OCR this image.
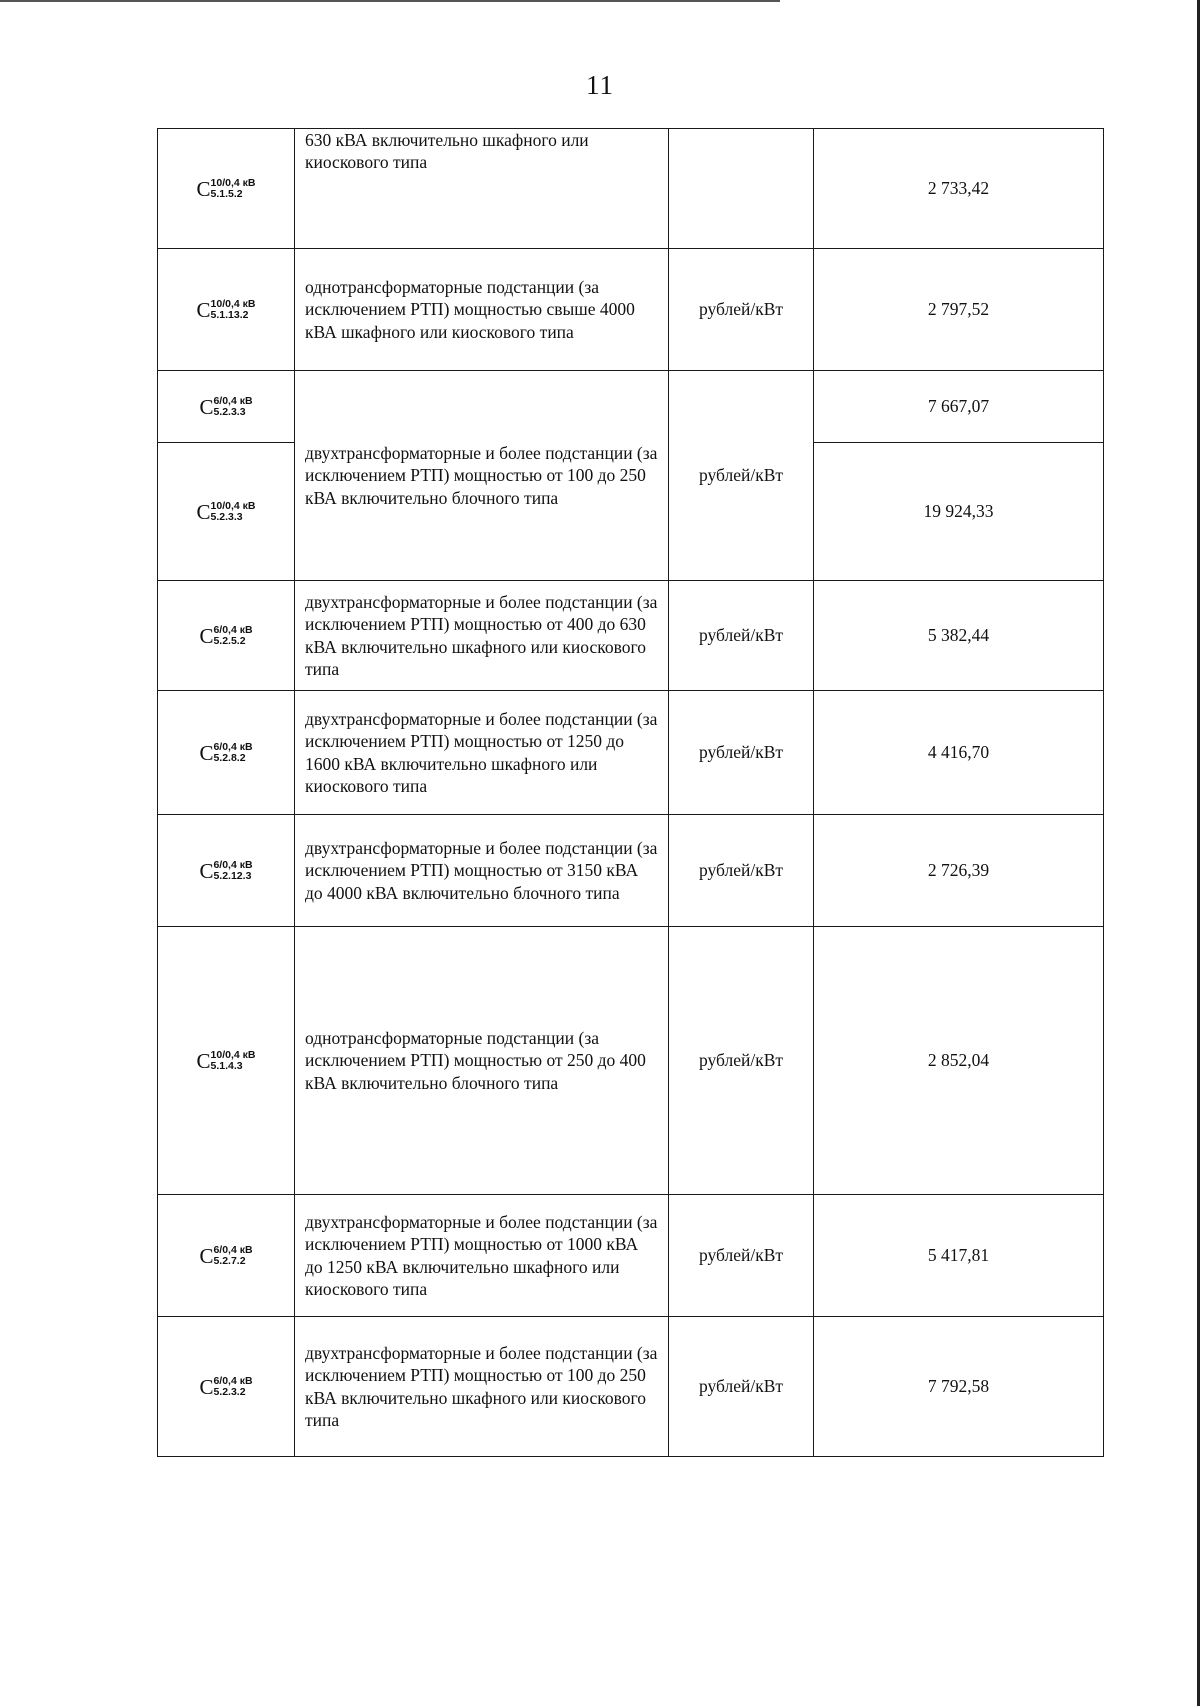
11
C 10/0,4 кВ
5.1.5.2	630 кВА включительно шкафного или киоскового типа		2 733,42
C 10/0,4 кВ
5.1.13.2	однотрансформаторные подстанции (за исключением РТП) мощностью свыше 4000 кВА шкафного или киоскового типа	рублей/кВт	2 797,52
C 6/0,4 кВ
5.2.3.3	двухтрансформаторные и более подстанции (за исключением РТП) мощностью от 100 до 250 кВА включительно блочного типа	рублей/кВт	7 667,07
C 10/0,4 кВ
5.2.3.3			19 924,33
C 6/0,4 кВ
5.2.5.2	двухтрансформаторные и более подстанции (за исключением РТП) мощностью от 400 до 630 кВА включительно шкафного или киоскового типа	рублей/кВт	5 382,44
C 6/0,4 кВ
5.2.8.2	двухтрансформаторные и более подстанции (за исключением РТП) мощностью от 1250 до 1600 кВА включительно шкафного или киоскового типа	рублей/кВт	4 416,70
C 6/0,4 кВ
5.2.12.3	двухтрансформаторные и более подстанции (за исключением РТП) мощностью от 3150 кВА до 4000 кВА включительно блочного типа	рублей/кВт	2 726,39
C 10/0,4 кВ
5.1.4.3	однотрансформаторные подстанции (за исключением РТП) мощностью от 250 до 400 кВА включительно блочного типа	рублей/кВт	2 852,04
C 6/0,4 кВ
5.2.7.2	двухтрансформаторные и более подстанции (за исключением РТП) мощностью от 1000 кВА до 1250 кВА включительно шкафного или киоскового типа	рублей/кВт	5 417,81
C 6/0,4 кВ
5.2.3.2	двухтрансформаторные и более подстанции (за исключением РТП) мощностью от 100 до 250 кВА включительно шкафного или киоскового типа	рублей/кВт	7 792,58
